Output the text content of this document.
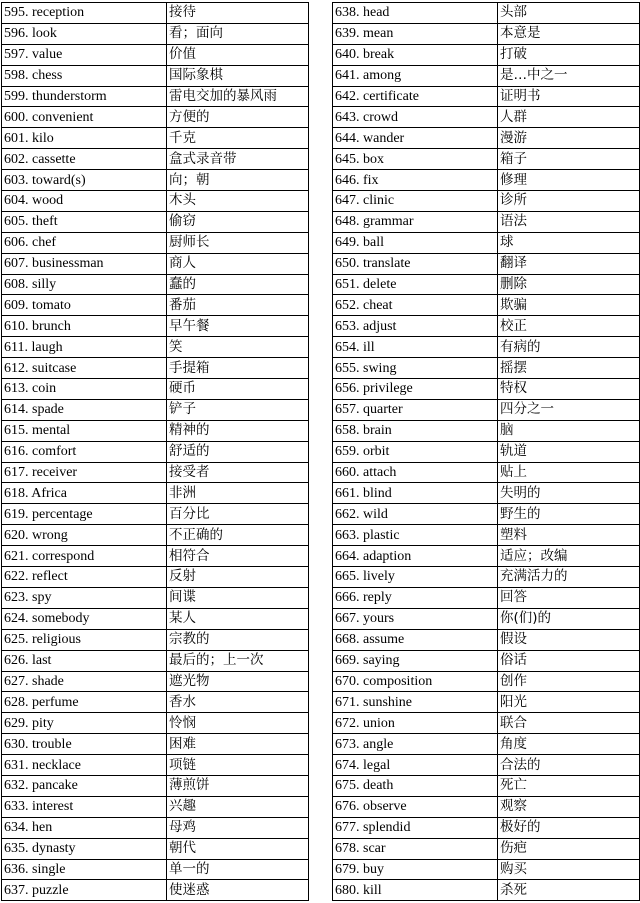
595. reception	接待
596. look	看；面向
597. value	价值
598. chess	国际象棋
599. thunderstorm	雷电交加的暴风雨
600. convenient	方便的
601. kilo	千克
602. cassette	盒式录音带
603. toward(s)	向；朝
604. wood	木头
605. theft	偷窃
606. chef	厨师长
607. businessman	商人
608. silly	蠢的
609. tomato	番茄
610. brunch	早午餐
611. laugh	笑
612. suitcase	手提箱
613. coin	硬币
614. spade	铲子
615. mental	精神的
616. comfort	舒适的
617. receiver	接受者
618. Africa	非洲
619. percentage	百分比
620. wrong	不正确的
621. correspond	相符合
622. reflect	反射
623. spy	间谍
624. somebody	某人
625. religious	宗教的
626. last	最后的；上一次
627. shade	遮光物
628. perfume	香水
629. pity	怜悯
630. trouble	困难
631. necklace	项链
632. pancake	薄煎饼
633. interest	兴趣
634. hen	母鸡
635. dynasty	朝代
636. single	单一的
637. puzzle	使迷惑
638. head	头部
639. mean	本意是
640. break	打破
641. among	是…中之一
642. certificate	证明书
643. crowd	人群
644. wander	漫游
645. box	箱子
646. fix	修理
647. clinic	诊所
648. grammar	语法
649. ball	球
650. translate	翻译
651. delete	删除
652. cheat	欺骗
653. adjust	校正
654. ill	有病的
655. swing	摇摆
656. privilege	特权
657. quarter	四分之一
658. brain	脑
659. orbit	轨道
660. attach	贴上
661. blind	失明的
662. wild	野生的
663. plastic	塑料
664. adaption	适应；改编
665. lively	充满活力的
666. reply	回答
667. yours	你(们)的
668. assume	假设
669. saying	俗话
670. composition	创作
671. sunshine	阳光
672. union	联合
673. angle	角度
674. legal	合法的
675. death	死亡
676. observe	观察
677. splendid	极好的
678. scar	伤疤
679. buy	购买
680. kill	杀死
